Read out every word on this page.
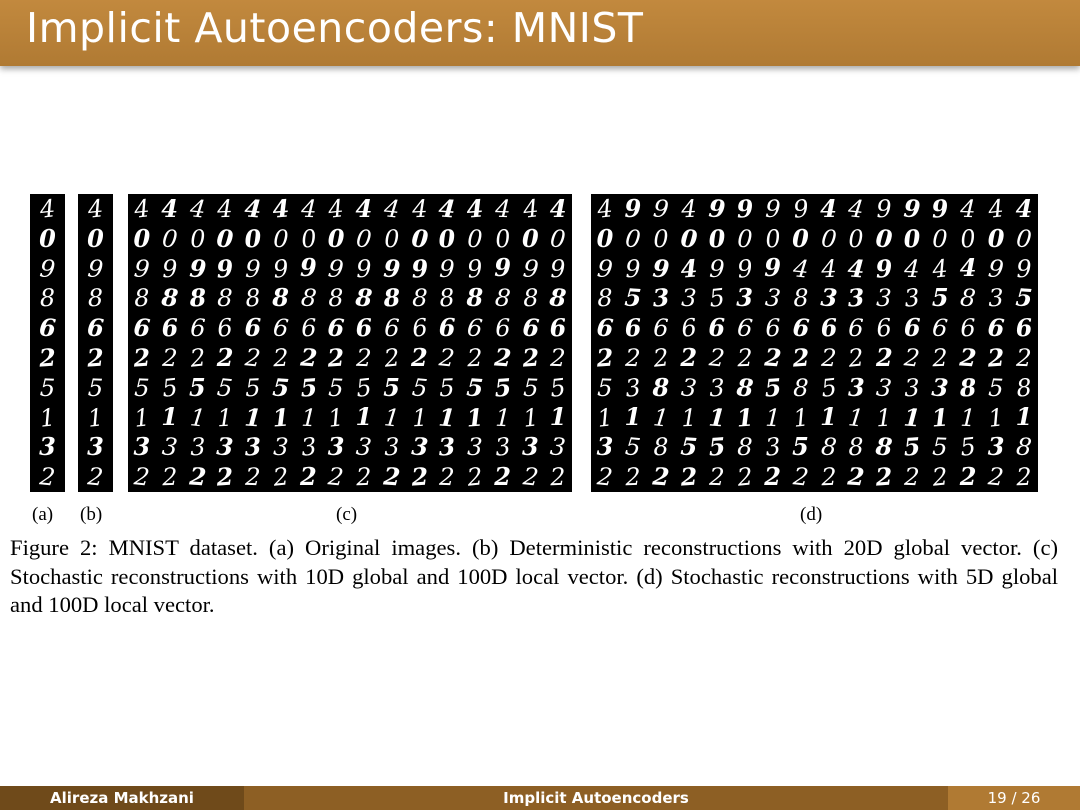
Implicit Autoencoders: MNIST
4
0
9
8
6
2
5
1
3
2
4
0
9
8
6
2
5
1
3
2
4 4 4 4 4 4 4 4 4 4 4 4 4 4 4 4
0 0 0 0 0 0 0 0 0 0 0 0 0 0 0 0
9 9 9 9 9 9 9 9 9 9 9 9 9 9 9 9
8 8 8 8 8 8 8 8 8 8 8 8 8 8 8 8
6 6 6 6 6 6 6 6 6 6 6 6 6 6 6 6
2 2 2 2 2 2 2 2 2 2 2 2 2 2 2 2
5 5 5 5 5 5 5 5 5 5 5 5 5 5 5 5
1 1 1 1 1 1 1 1 1 1 1 1 1 1 1 1
3 3 3 3 3 3 3 3 3 3 3 3 3 3 3 3
2 2 2 2 2 2 2 2 2 2 2 2 2 2 2 2
4 9 9 4 9 9 9 9 4 4 9 9 9 4 4 4
0 0 0 0 0 0 0 0 0 0 0 0 0 0 0 0
9 9 9 4 9 9 9 4 4 4 9 4 4 4 9 9
8 5 3 3 5 3 3 8 3 3 3 3 5 8 3 5
6 6 6 6 6 6 6 6 6 6 6 6 6 6 6 6
2 2 2 2 2 2 2 2 2 2 2 2 2 2 2 2
5 3 8 3 3 8 5 8 5 3 3 3 3 8 5 8
1 1 1 1 1 1 1 1 1 1 1 1 1 1 1 1
3 5 8 5 5 8 3 5 8 8 8 5 5 5 3 8
2 2 2 2 2 2 2 2 2 2 2 2 2 2 2 2
(a) (b)	(c)	(d)
Figure 2: MNIST dataset. (a) Original images. (b) Deterministic reconstructions with 20D global vector. (c) Stochastic reconstructions with 10D global and 100D local vector. (d) Stochastic reconstructions with 5D global and 100D local vector.
Alireza Makhzani	Implicit Autoencoders	19 / 26
